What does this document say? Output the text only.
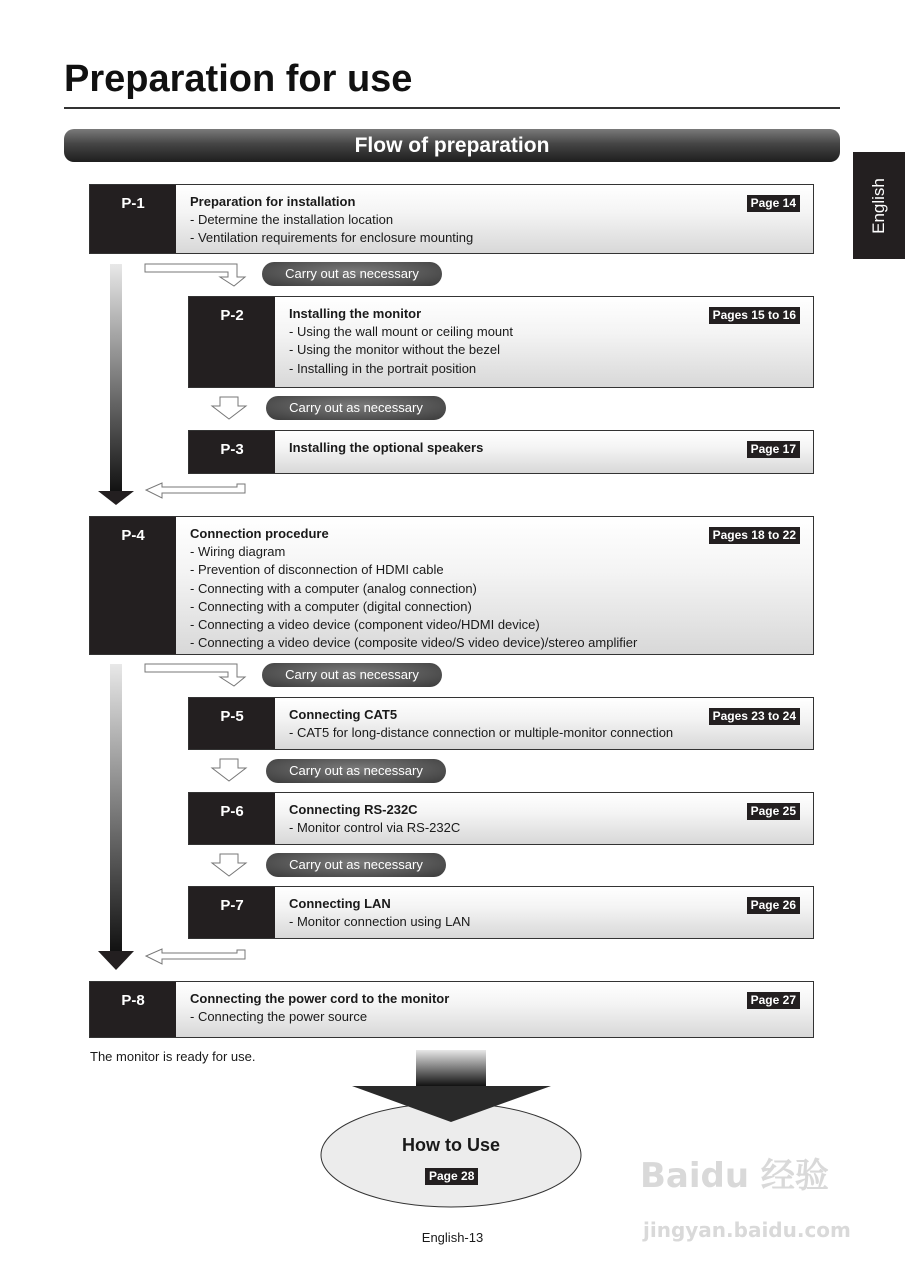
Preparation for use
Flow of preparation
English
Carry out as necessary
Carry out as necessary
Carry out as necessary
Carry out as necessary
Carry out as necessary
P-1	Preparation for installation
- Determine the installation location
- Ventilation requirements for enclosure mounting
Page 14
P-2	Installing the monitor
- Using the wall mount or ceiling mount
- Using the monitor without the bezel
- Installing in the portrait position
Pages 15 to 16
P-3	Installing the optional speakers	Page 17
P-4	Connection procedure
- Wiring diagram
- Prevention of disconnection of HDMI cable
- Connecting with a computer (analog connection)
- Connecting with a computer (digital connection)
- Connecting a video device (component video/HDMI device)
- Connecting a video device (composite video/S video device)/stereo amplifier
Pages 18 to 22
P-5	Connecting CAT5
- CAT5 for long-distance connection or multiple-monitor connection
Pages 23 to 24
P-6	Connecting RS-232C
- Monitor control via RS-232C
Page 25
P-7	Connecting LAN
- Monitor connection using LAN
Page 26
P-8	Connecting the power cord to the monitor
- Connecting the power source
Page 27
The monitor is ready for use.
How to Use
Page 28	Baidu 经验
jingyan.baidu.com
English-13
